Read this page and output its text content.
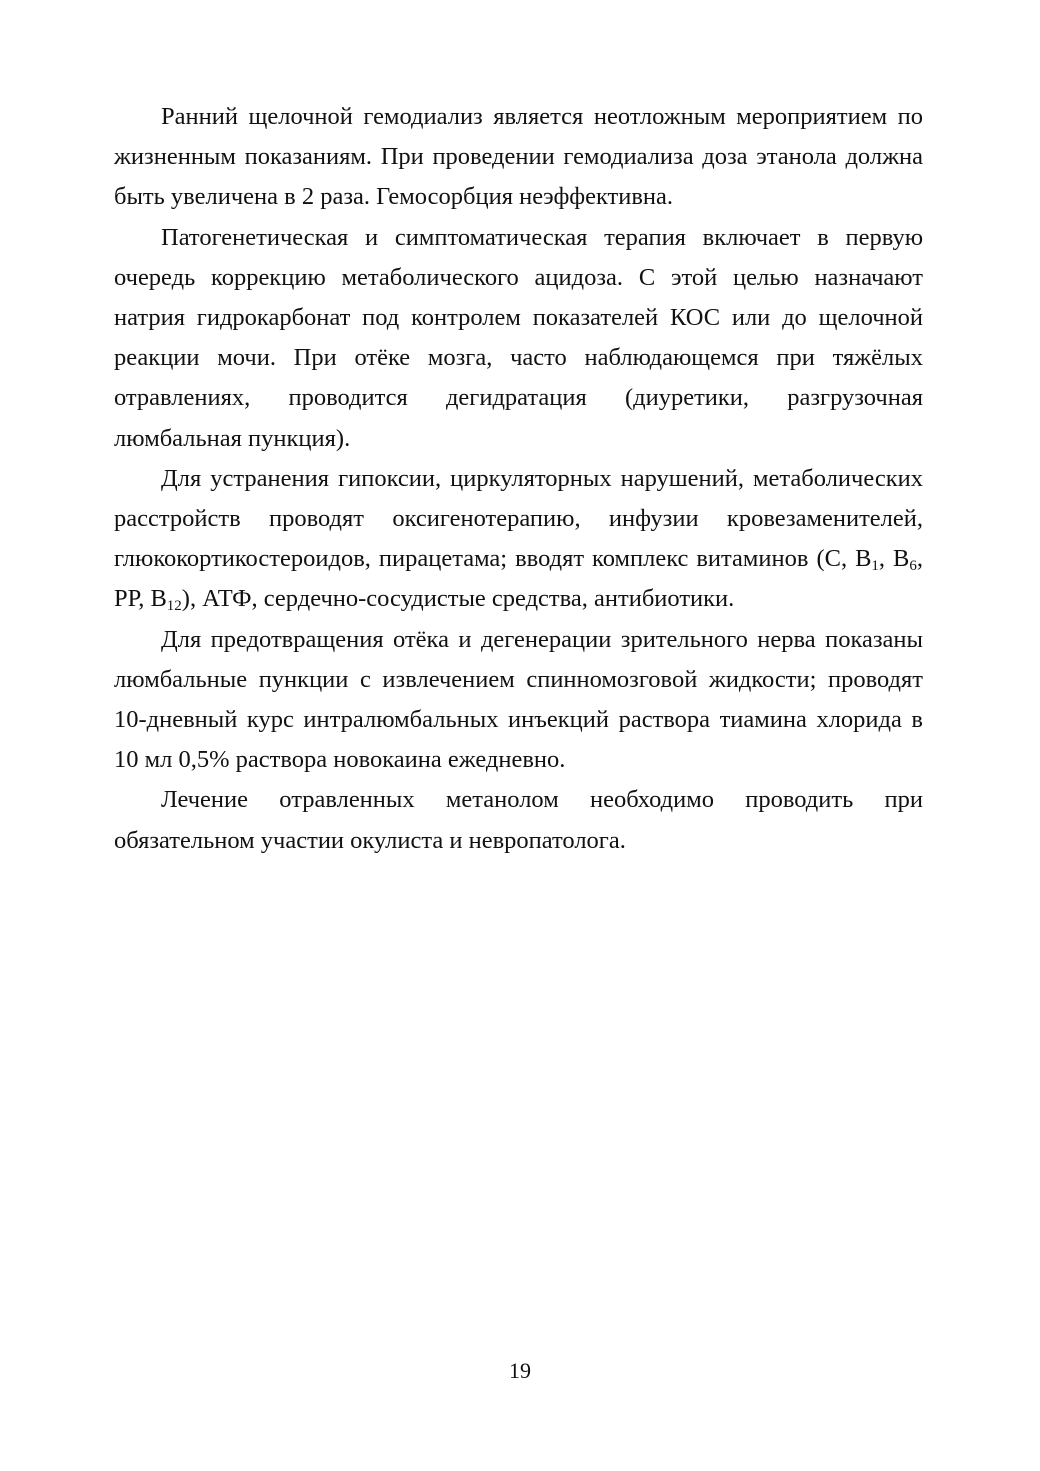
Ранний щелочной гемодиализ является неотложным мероприятием по жизненным показаниям. При проведении гемодиализа доза этанола должна быть увеличена в 2 раза. Гемосорбция неэффективна.

Патогенетическая и симптоматическая терапия включает в первую очередь коррекцию метаболического ацидоза. С этой целью назначают натрия гидрокарбонат под контролем показателей КОС или до щелочной реакции мочи. При отёке мозга, часто наблюдающемся при тяжёлых отравлениях, проводится дегидратация (диуретики, разгрузочная люмбальная пункция).

Для устранения гипоксии, циркуляторных нарушений, метаболических расстройств проводят оксигенотерапию, инфузии кровезаменителей, глюкокортикостероидов, пирацетама; вводят комплекс витаминов (С, $В_1$, $В_6$, РР, $В_{12}$), АТФ, сердечно-сосудистые средства, антибиотики.

Для предотвращения отёка и дегенерации зрительного нерва показаны люмбальные пункции с извлечением спинномозговой жидкости; проводят 10-дневный курс интралюмбальных инъекций раствора тиамина хлорида в 10 мл 0,5% раствора новокаина ежедневно.

Лечение отравленных метанолом необходимо проводить при обязательном участии окулиста и невропатолога.

19
